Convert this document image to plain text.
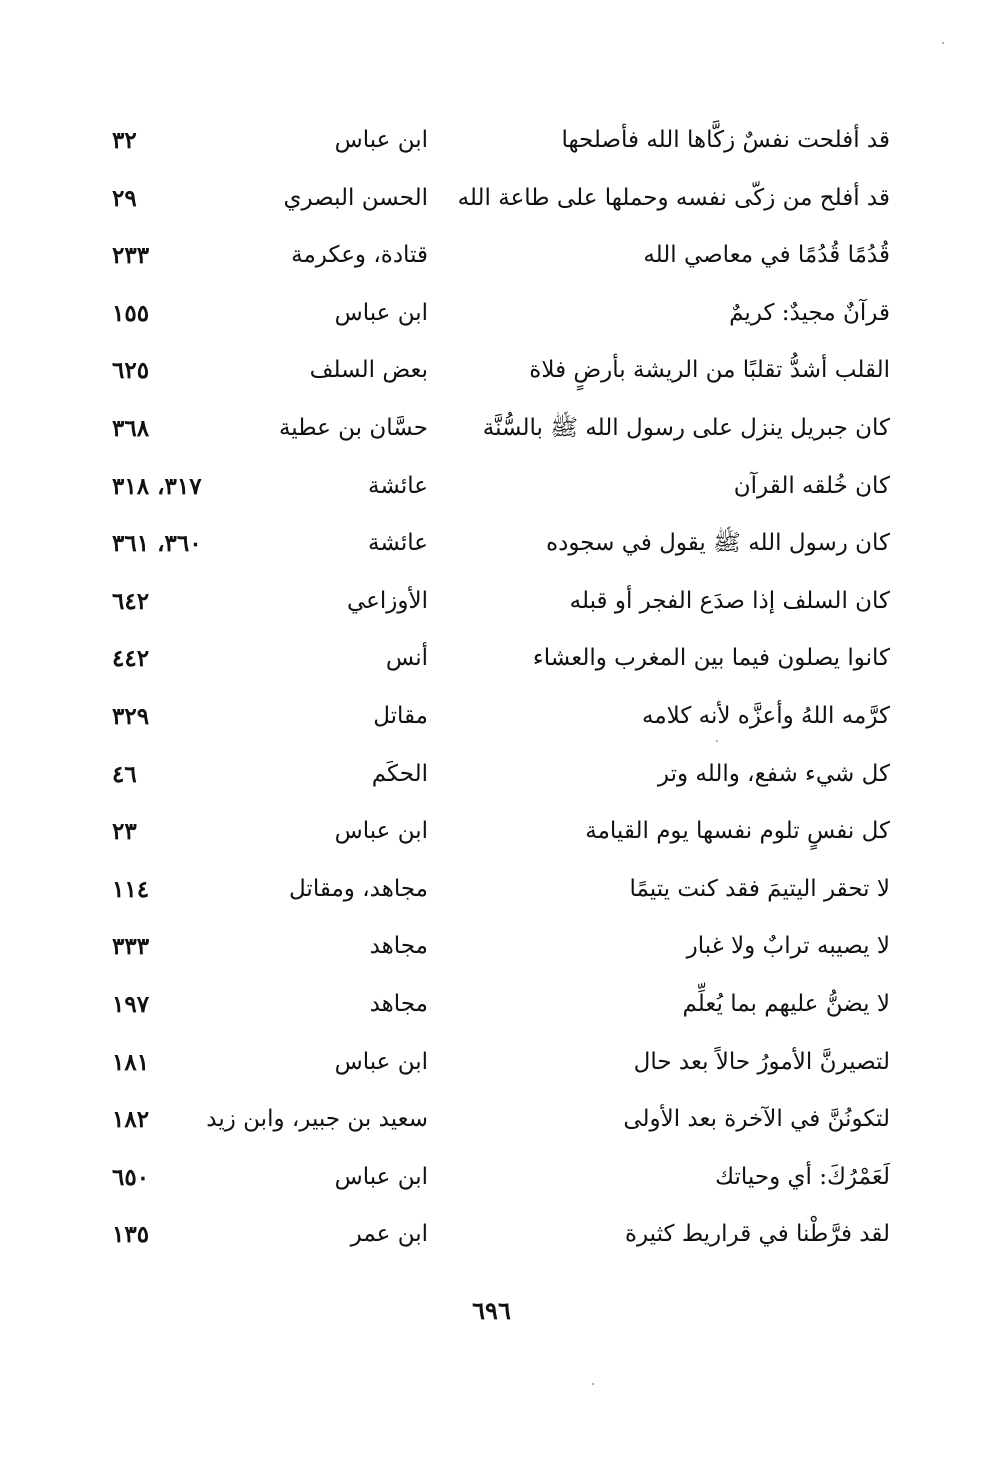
قد أفلحت نفسٌ زكَّاها الله فأصلحها
ابن عباس
٣٢
قد أفلح من زكّى نفسه وحملها على طاعة الله
الحسن البصري
٢٩
قُدُمًا قُدُمًا في معاصي الله
قتادة، وعكرمة
٢٣٣
قرآنٌ مجيدٌ: كريمٌ
ابن عباس
١٥٥
القلب أشدُّ تقلبًا من الريشة بأرضٍ فلاة
بعض السلف
٦٢٥
كان جبريل ينزل على رسول الله ﷺ بالسُّنَّة
حسَّان بن عطية
٣٦٨
كان خُلقه القرآن
عائشة
٣١٧، ٣١٨
كان رسول الله ﷺ يقول في سجوده
عائشة
٣٦٠، ٣٦١
كان السلف إذا صدَع الفجر أو قبله
الأوزاعي
٦٤٢
كانوا يصلون فيما بين المغرب والعشاء
أنس
٤٤٢
كرَّمه اللهُ وأعزَّه لأنه كلامه
مقاتل
٣٢٩
كل شيء شفع، والله وتر
الحكَم
٤٦
كل نفسٍ تلوم نفسها يوم القيامة
ابن عباس
٢٣
لا تحقر اليتيمَ فقد كنت يتيمًا
مجاهد، ومقاتل
١١٤
لا يصيبه ترابٌ ولا غبار
مجاهد
٣٣٣
لا يضنُّ عليهم بما يُعلِّم
مجاهد
١٩٧
لتصيرنَّ الأمورُ حالاً بعد حال
ابن عباس
١٨١
لتكونُنَّ في الآخرة بعد الأولى
سعيد بن جبير، وابن زيد
١٨٢
لَعَمْرُكَ: أي وحياتك
ابن عباس
٦٥٠
لقد فرَّطْنا في قراريط كثيرة
ابن عمر
١٣٥
٦٩٦
